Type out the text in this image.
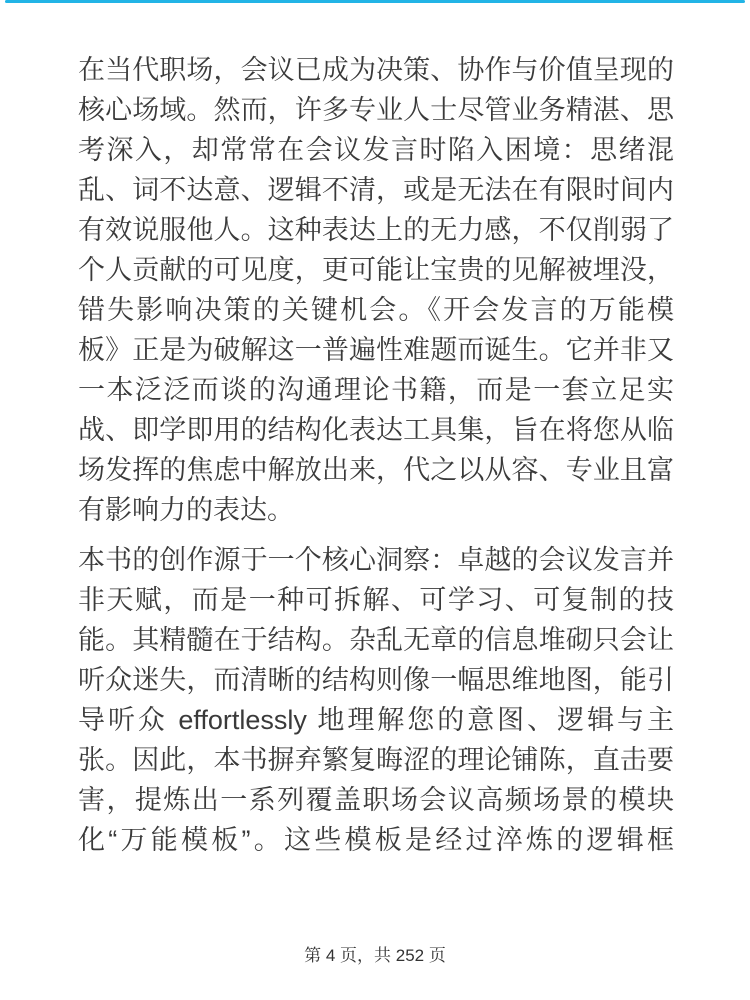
在当代职场，会议已成为决策、协作与价值呈现的
核心场域。然而，许多专业人士尽管业务精湛、思
考深入，却常常在会议发言时陷入困境：思绪混
乱、词不达意、逻辑不清，或是无法在有限时间内
有效说服他人。这种表达上的无力感，不仅削弱了
个人贡献的可见度，更可能让宝贵的见解被埋没，
错失影响决策的关键机会。《开会发言的万能模
板》正是为破解这一普遍性难题而诞生。它并非又
一本泛泛而谈的沟通理论书籍，而是一套立足实
战、即学即用的结构化表达工具集，旨在将您从临
场发挥的焦虑中解放出来，代之以从容、专业且富
有影响力的表达。
本书的创作源于一个核心洞察：卓越的会议发言并
非天赋，而是一种可拆解、可学习、可复制的技
能。其精髓在于结构。杂乱无章的信息堆砌只会让
听众迷失，而清晰的结构则像一幅思维地图，能引
导听众 effortlessly 地理解您的意图、逻辑与主
张。因此，本书摒弃繁复晦涩的理论铺陈，直击要
害，提炼出一系列覆盖职场会议高频场景的模块
化“万能模板”。这些模板是经过淬炼的逻辑框
第 4 页，共 252 页
